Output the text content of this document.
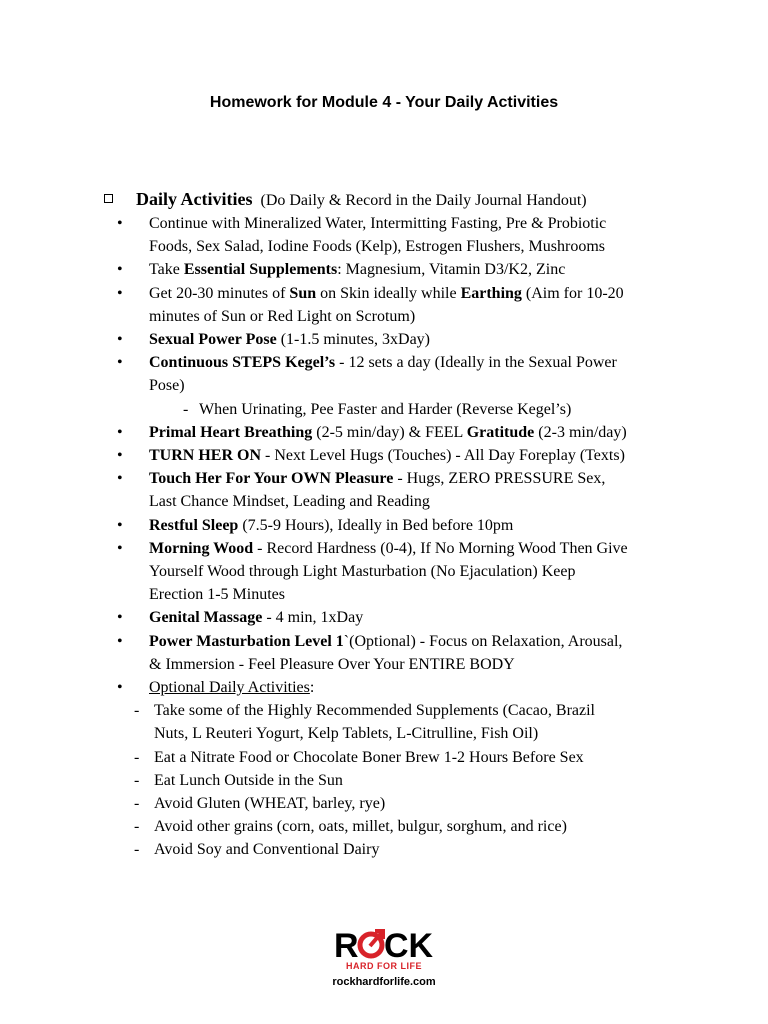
Homework for Module 4 - Your Daily Activities
Daily Activities (Do Daily & Record in the Daily Journal Handout)
• Continue with Mineralized Water, Intermitting Fasting, Pre & Probiotic
Foods, Sex Salad, Iodine Foods (Kelp), Estrogen Flushers, Mushrooms
• Take Essential Supplements: Magnesium, Vitamin D3/K2, Zinc
• Get 20-30 minutes of Sun on Skin ideally while Earthing (Aim for 10-20
minutes of Sun or Red Light on Scrotum)
• Sexual Power Pose (1-1.5 minutes, 3xDay)
• Continuous STEPS Kegel’s - 12 sets a day (Ideally in the Sexual Power
Pose)
- When Urinating, Pee Faster and Harder (Reverse Kegel’s)
• Primal Heart Breathing (2-5 min/day) & FEEL Gratitude (2-3 min/day)
• TURN HER ON - Next Level Hugs (Touches) - All Day Foreplay (Texts)
• Touch Her For Your OWN Pleasure - Hugs, ZERO PRESSURE Sex,
Last Chance Mindset, Leading and Reading
• Restful Sleep (7.5-9 Hours), Ideally in Bed before 10pm
• Morning Wood - Record Hardness (0-4), If No Morning Wood Then Give
Yourself Wood through Light Masturbation (No Ejaculation) Keep
Erection 1-5 Minutes
• Genital Massage - 4 min, 1xDay
• Power Masturbation Level 1`(Optional) - Focus on Relaxation, Arousal,
& Immersion - Feel Pleasure Over Your ENTIRE BODY
• Optional Daily Activities:
- Take some of the Highly Recommended Supplements (Cacao, Brazil
Nuts, L Reuteri Yogurt, Kelp Tablets, L-Citrulline, Fish Oil)
- Eat a Nitrate Food or Chocolate Boner Brew 1-2 Hours Before Sex
- Eat Lunch Outside in the Sun
- Avoid Gluten (WHEAT, barley, rye)
- Avoid other grains (corn, oats, millet, bulgur, sorghum, and rice)
- Avoid Soy and Conventional Dairy
R CK
HARD FOR LIFE
rockhardforlife.com
